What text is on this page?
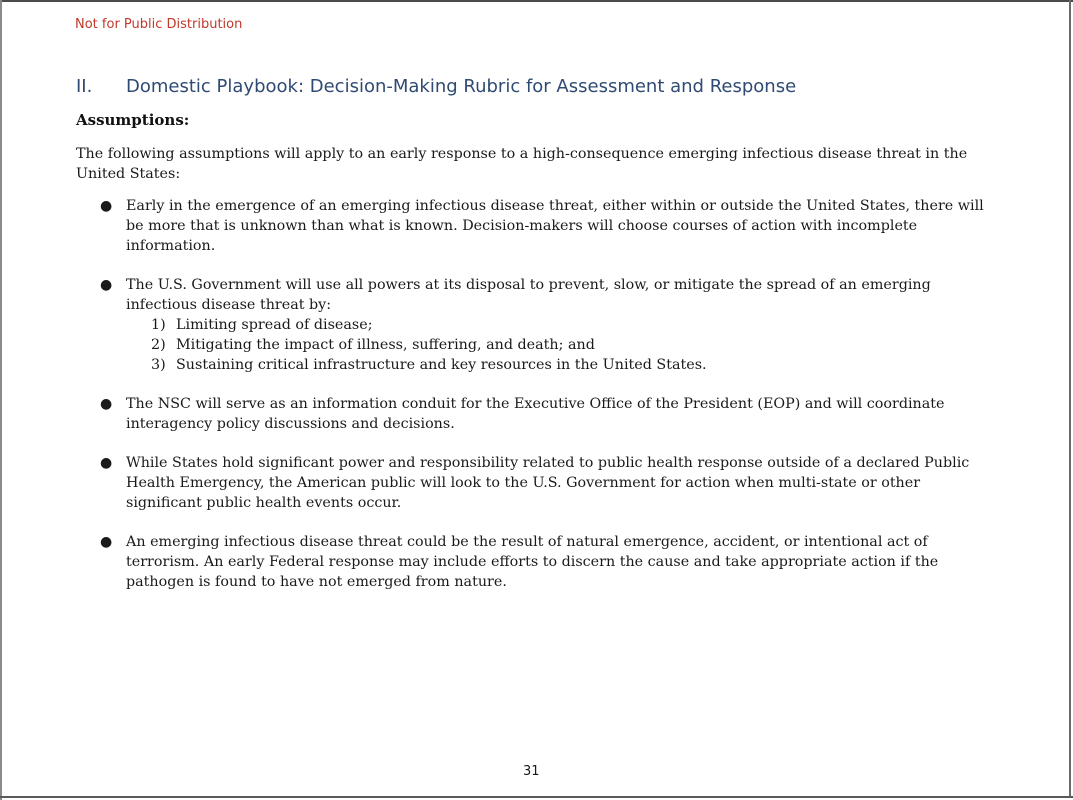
Not for Public Distribution
II. Domestic Playbook: Decision-Making Rubric for Assessment and Response
Assumptions:
The following assumptions will apply to an early response to a high-consequence emerging infectious disease threat in the United States:
● Early in the emergence of an emerging infectious disease threat, either within or outside the United States, there will be more that is unknown than what is known. Decision-makers will choose courses of action with incomplete information.
● The U.S. Government will use all powers at its disposal to prevent, slow, or mitigate the spread of an emerging infectious disease threat by:
1) Limiting spread of disease;
2) Mitigating the impact of illness, suffering, and death; and
3) Sustaining critical infrastructure and key resources in the United States.
● The NSC will serve as an information conduit for the Executive Office of the President (EOP) and will coordinate interagency policy discussions and decisions.
● While States hold significant power and responsibility related to public health response outside of a declared Public Health Emergency, the American public will look to the U.S. Government for action when multi-state or other significant public health events occur.
● An emerging infectious disease threat could be the result of natural emergence, accident, or intentional act of terrorism. An early Federal response may include efforts to discern the cause and take appropriate action if the pathogen is found to have not emerged from nature.
31
